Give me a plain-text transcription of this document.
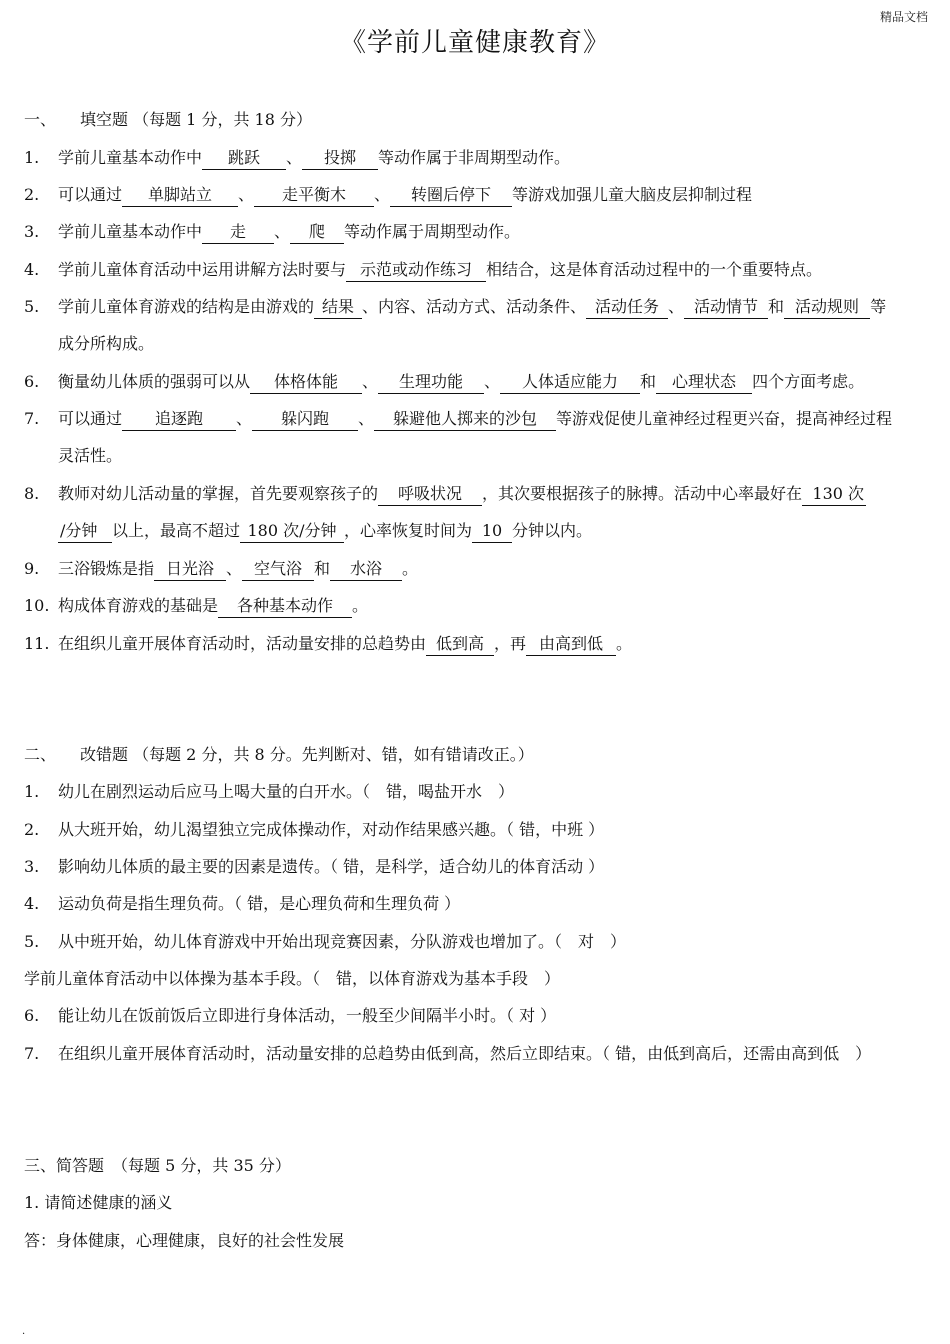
精品文档
《学前儿童健康教育》
一、 填空题 （每题 1 分，共 18 分）
1. 学前儿童基本动作中 跳跃 、 投掷 等动作属于非周期型动作。
2. 可以通过 单脚站立 、 走平衡木 、 转圈后停下 等游戏加强儿童大脑皮层抑制过程
3. 学前儿童基本动作中 走 、 爬 等动作属于周期型动作。
4. 学前儿童体育活动中运用讲解方法时要与 示范或动作练习 相结合，这是体育活动过程中的一个重要特点。
5. 学前儿童体育游戏的结构是由游戏的 结果 、内容、活动方式、活动条件、 活动任务 、 活动情节 和 活动规则 等
成分所构成。
6. 衡量幼儿体质的强弱可以从 体格体能 、 生理功能 、 人体适应能力 和 心理状态 四个方面考虑。
7. 可以通过 追逐跑 、 躲闪跑 、 躲避他人掷来的沙包 等游戏促使儿童神经过程更兴奋，提高神经过程
灵活性。
8. 教师对幼儿活动量的掌握，首先要观察孩子的 呼吸状况 ，其次要根据孩子的脉搏。活动中心率最好在 130 次
/分钟 以上，最高不超过 180 次/分钟 ，心率恢复时间为 10 分钟以内。
9. 三浴锻炼是指 日光浴 、 空气浴 和 水浴 。
10. 构成体育游戏的基础是 各种基本动作 。
11. 在组织儿童开展体育活动时，活动量安排的总趋势由 低到高 ，再 由高到低 。
二、 改错题 （每题 2 分，共 8 分。先判断对、错，如有错请改正。）
1. 幼儿在剧烈运动后应马上喝大量的白开水。（　错，喝盐开水　）
2. 从大班开始，幼儿渴望独立完成体操动作，对动作结果感兴趣。（ 错，中班 ）
3. 影响幼儿体质的最主要的因素是遗传。（ 错，是科学，适合幼儿的体育活动 ）
4. 运动负荷是指生理负荷。（ 错，是心理负荷和生理负荷 ）
5. 从中班开始，幼儿体育游戏中开始出现竞赛因素，分队游戏也增加了。（　对　）
学前儿童体育活动中以体操为基本手段。（　错，以体育游戏为基本手段　）
6. 能让幼儿在饭前饭后立即进行身体活动，一般至少间隔半小时。（ 对 ）
7. 在组织儿童开展体育活动时，活动量安排的总趋势由低到高，然后立即结束。（ 错，由低到高后，还需由高到低　）
三、简答题　（每题 5 分，共 35 分）
1. 请简述健康的涵义
答：身体健康，心理健康，良好的社会性发展
.
